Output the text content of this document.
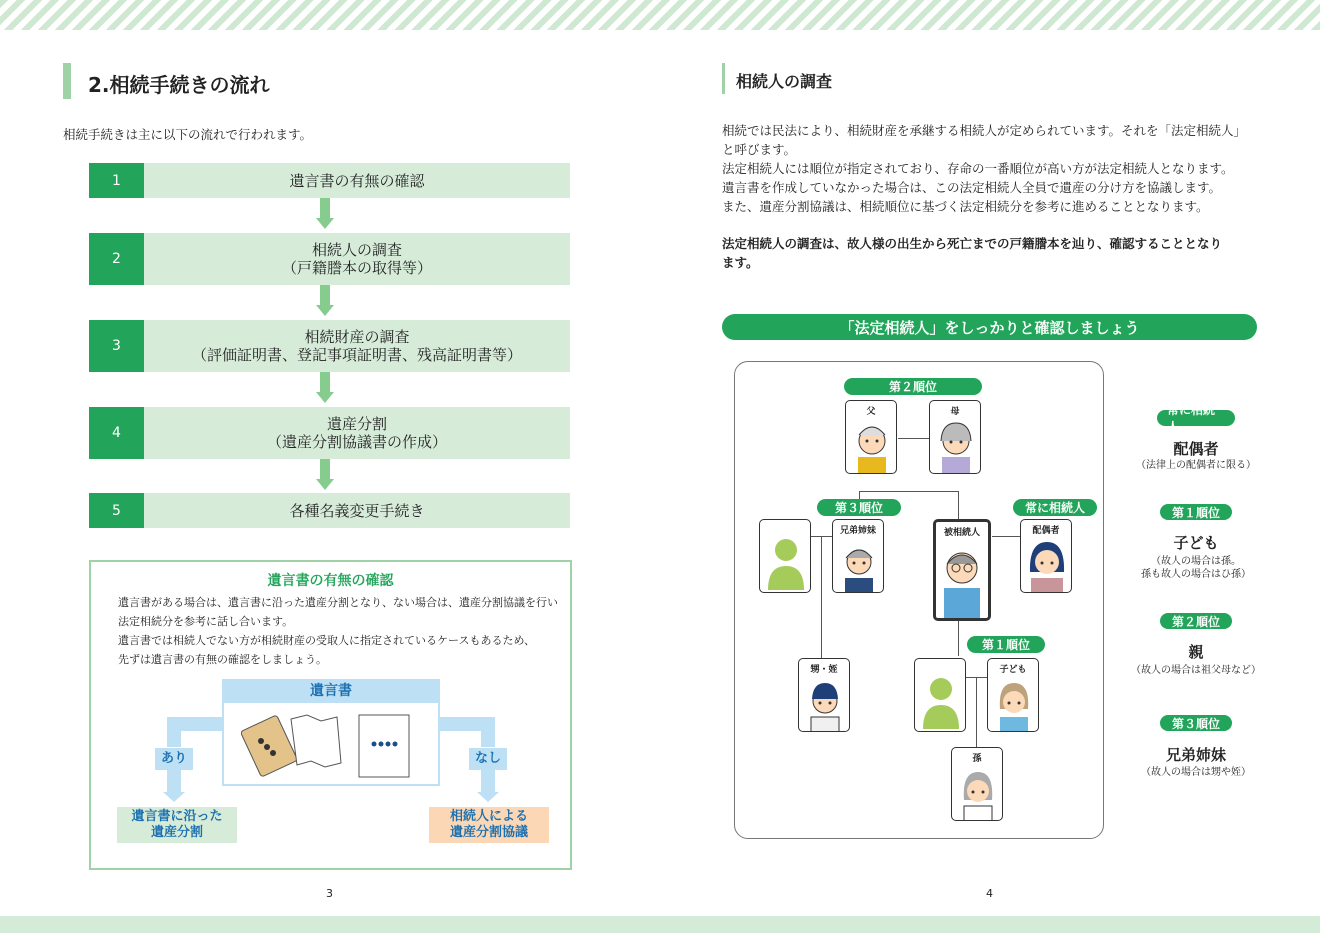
2.相続手続きの流れ
相続手続きは主に以下の流れで行われます。
1	遺言書の有無の確認
2	相続人の調査
（戸籍謄本の取得等）
3	相続財産の調査
（評価証明書、登記事項証明書、残高証明書等）
4	遺産分割
（遺産分割協議書の作成）
5	各種名義変更手続き
遺言書の有無の確認
遺言書がある場合は、遺言書に沿った遺産分割となり、ない場合は、遺産分割協議を行い
法定相続分を参考に話し合います。
遺言書では相続人でない方が相続財産の受取人に指定されているケースもあるため、
先ずは遺言書の有無の確認をしましょう。
遺言書
あり
遺言書に沿った
遺産分割
なし
相続人による
遺産分割協議
3
相続人の調査
相続では民法により、相続財産を承継する相続人が定められています。それを「法定相続人」
と呼びます。
法定相続人には順位が指定されており、存命の一番順位が高い方が法定相続人となります。
遺言書を作成していなかった場合は、この法定相続人全員で遺産の分け方を協議します。
また、遺産分割協議は、相続順位に基づく法定相続分を参考に進めることとなります。
法定相続人の調査は、故人様の出生から死亡までの戸籍謄本を辿り、確認することとなり
ます。
「法定相続人」をしっかりと確認しましょう
第２順位
第３順位	常に相続人
第１順位
父	母
兄弟姉妹	被相続人	配偶者
甥・姪	子ども
孫
常に相続人
配偶者
（法律上の配偶者に限る）
第１順位
子ども
（故人の場合は孫。
孫も故人の場合はひ孫）
第２順位
親
（故人の場合は祖父母など）
第３順位
兄弟姉妹
（故人の場合は甥や姪）
4
